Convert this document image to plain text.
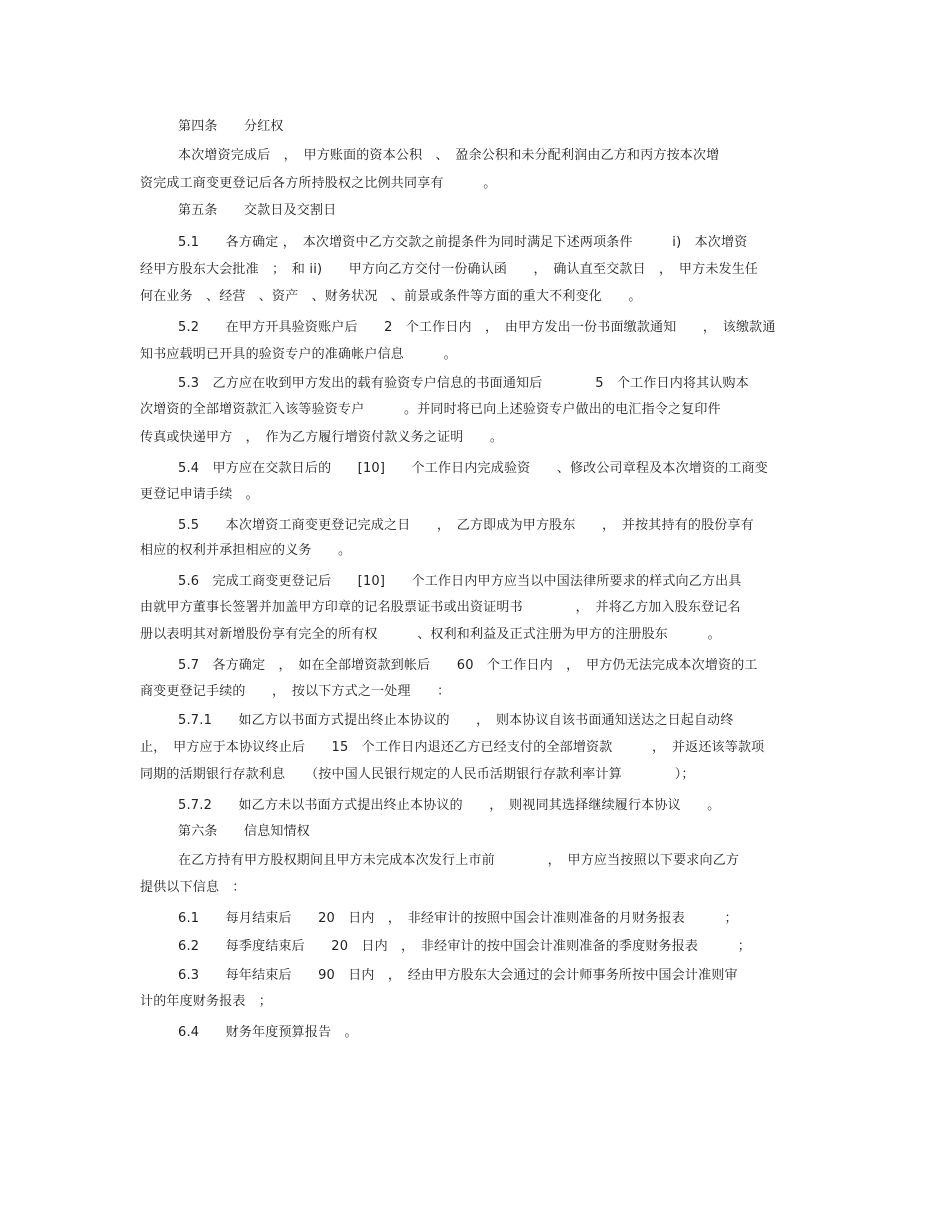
第四条　　分红权
本次增资完成后　，　甲方账面的资本公积　、　盈余公积和未分配利润由乙方和丙方按本次增
资完成工商变更登记后各方所持股权之比例共同享有　　　。
第五条　　交款日及交割日
5.1　　各方确定 ，　本次增资中乙方交款之前提条件为同时满足下述两项条件　　　i)　本次增资
经甲方股东大会批准　；　和 ii)　　甲方向乙方交付一份确认函　　，　确认直至交款日　，　甲方未发生任
何在业务　、经营　、资产　、财务状况　、前景或条件等方面的重大不利变化　　。
5.2　　在甲方开具验资账户后　　2　个工作日内　，　由甲方发出一份书面缴款通知　　，　该缴款通
知书应载明已开具的验资专户的准确帐户信息　　　。
5.3　乙方应在收到甲方发出的载有验资专户信息的书面通知后　　　　5　个工作日内将其认购本
次增资的全部增资款汇入该等验资专户　　　。并同时将已向上述验资专户做出的电汇指令之复印件
传真或快递甲方　，　作为乙方履行增资付款义务之证明　　。
5.4　甲方应在交款日后的　　[10]　　个工作日内完成验资　　、修改公司章程及本次增资的工商变
更登记申请手续　。
5.5　　本次增资工商变更登记完成之日　　，　乙方即成为甲方股东　　，　并按其持有的股份享有
相应的权利并承担相应的义务　　。
5.6　完成工商变更登记后　　[10]　　个工作日内甲方应当以中国法律所要求的样式向乙方出具
由就甲方董事长签署并加盖甲方印章的记名股票证书或出资证明书　　　　，　并将乙方加入股东登记名
册以表明其对新增股份享有完全的所有权　　　、权利和利益及正式注册为甲方的注册股东　　　。
5.7　各方确定　，　如在全部增资款到帐后　　60　个工作日内　，　甲方仍无法完成本次增资的工
商变更登记手续的　　，　按以下方式之一处理　　：
5.7.1　　如乙方以书面方式提出终止本协议的　　，　则本协议自该书面通知送达之日起自动终
止，　甲方应于本协议终止后　　15　个工作日内退还乙方已经支付的全部增资款　　　，　并返还该等款项
同期的活期银行存款利息　　（按中国人民银行规定的人民币活期银行存款利率计算　　　　）；
5.7.2　　如乙方未以书面方式提出终止本协议的　　，　则视同其选择继续履行本协议　　。
第六条　　信息知情权
在乙方持有甲方股权期间且甲方未完成本次发行上市前　　　　，　甲方应当按照以下要求向乙方
提供以下信息　：
6.1　　每月结束后　　20　日内　，　非经审计的按照中国会计准则准备的月财务报表　　　；
6.2　　每季度结束后　　20　日内　，　非经审计的按中国会计准则准备的季度财务报表　　　；
6.3　　每年结束后　　90　日内　，　经由甲方股东大会通过的会计师事务所按中国会计准则审
计的年度财务报表　；
6.4　　财务年度预算报告　。
